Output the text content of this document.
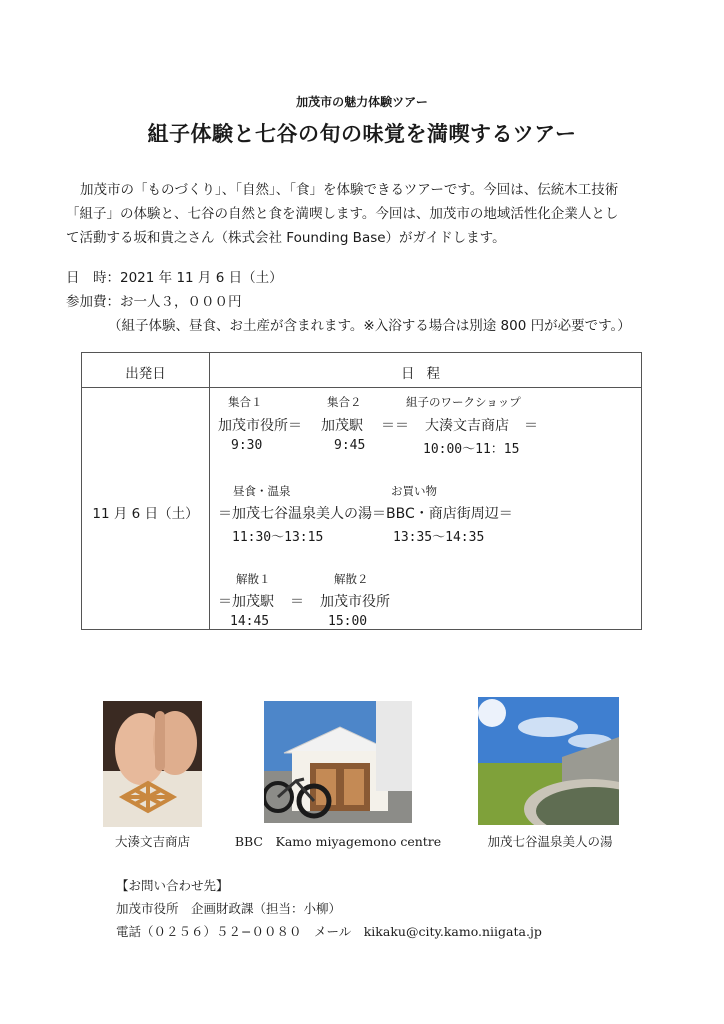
加茂市の魅力体験ツアー
組子体験と七谷の旬の味覚を満喫するツアー

加茂市の「ものづくり」、「自然」、「食」を体験できるツアーです。今回は、伝統木工技術

「組子」の体験と、七谷の自然と食を満喫します。今回は、加茂市の地域活性化企業人とし

て活動する坂和貴之さん（株式会社 Founding Base）がガイドします。

日　時：2021 年 11 月 6 日（土）
参加費：お一人３，０００円
（組子体験、昼食、お土産が含まれます。※入浴する場合は別途 800 円が必要です。）
出発日	日程
11 月 6 日（土）
集合１	集合２	組子のワークショップ
加茂市役所＝ 加茂駅 ＝＝ 大湊文吉商店 ＝
9:30	9:45	10:00〜11：15
昼食・温泉	お買い物
＝加茂七谷温泉美人の湯＝BBC・商店街周辺＝
11:30〜13:15	13:35〜14:35
解散１	解散２
＝加茂駅 ＝ 加茂市役所
14:45	15:00
大湊文吉商店	BBC　Kamo miyagemono centre	加茂七谷温泉美人の湯
【お問い合わせ先】
加茂市役所　企画財政課（担当：小柳）
電話（０２５６）５２−００８０　メール　kikaku@city.kamo.niigata.jp
